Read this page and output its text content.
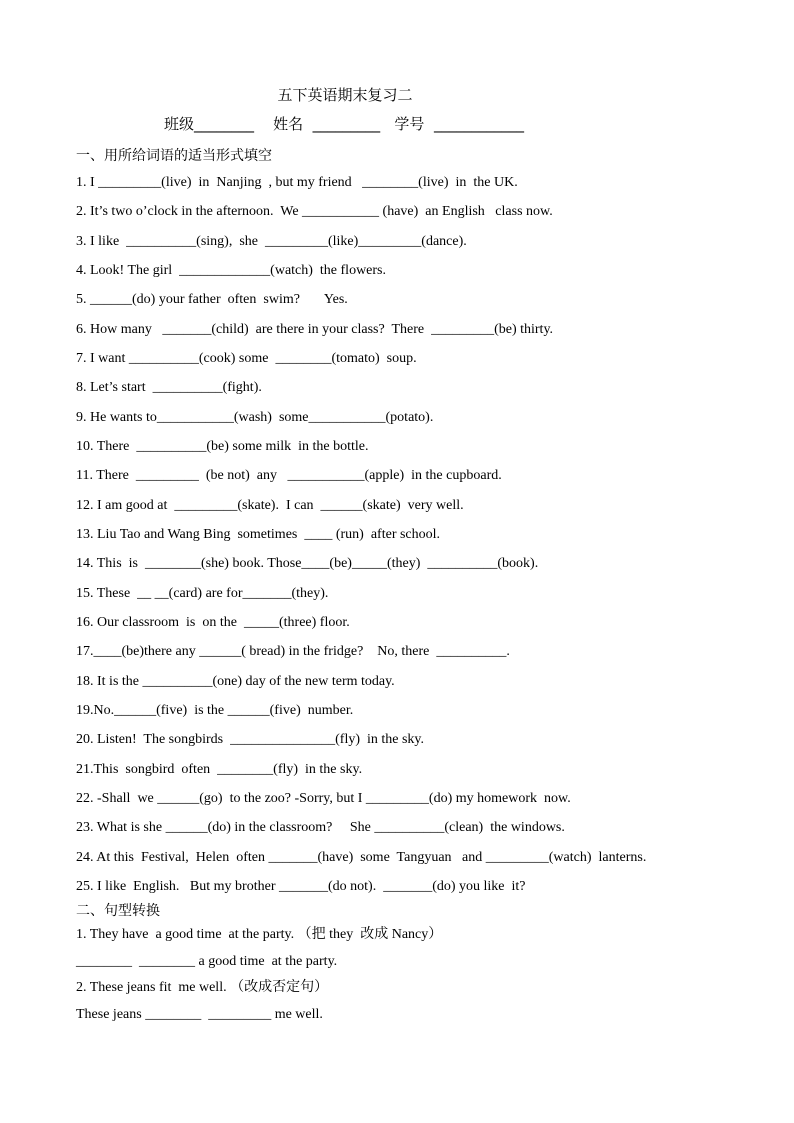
五下英语期末复习二
班级________    姓名  _________   学号  ____________
一、用所给词语的适当形式填空
1. I _________(live)  in  Nanjing  , but my friend   ________(live)  in  the UK.
2. It’s two o’clock in the afternoon.  We ___________ (have)  an English   class now.
3. I like  __________(sing),  she  _________(like)_________(dance).
4. Look! The girl  _____________(watch)  the flowers.
5. ______(do) your father  often  swim?       Yes.
6. How many   _______(child)  are there in your class?  There  _________(be) thirty.
7. I want __________(cook) some  ________(tomato)  soup.
8. Let’s start  __________(fight).
9. He wants to___________(wash)  some___________(potato).
10. There  __________(be) some milk  in the bottle.
11. There  _________  (be not)  any   ___________(apple)  in the cupboard.
12. I am good at  _________(skate).  I can  ______(skate)  very well.
13. Liu Tao and Wang Bing  sometimes  ____ (run)  after school.
14. This  is  ________(she) book. Those____(be)_____(they)  __________(book).
15. These  __ __(card) are for_______(they).
16. Our classroom  is  on the  _____(three) floor.
17.____(be)there any ______( bread) in the fridge?    No, there  __________.
18. It is the __________(one) day of the new term today.
19.No.______(five)  is the ______(five)  number.
20. Listen!  The songbirds  _______________(fly)  in the sky.
21.This  songbird  often  ________(fly)  in the sky.
22. -Shall  we ______(go)  to the zoo? -Sorry, but I _________(do) my homework  now.
23. What is she ______(do) in the classroom?     She __________(clean)  the windows.
24. At this  Festival,  Helen  often _______(have)  some  Tangyuan   and _________(watch)  lanterns.
25. I like  English.   But my brother _______(do not).  _______(do) you like  it?
二、句型转换
1. They have  a good time  at the party. （把 they  改成 Nancy）
________  ________ a good time  at the party.
2. These jeans fit  me well. （改成否定句）
These jeans ________  _________ me well.
